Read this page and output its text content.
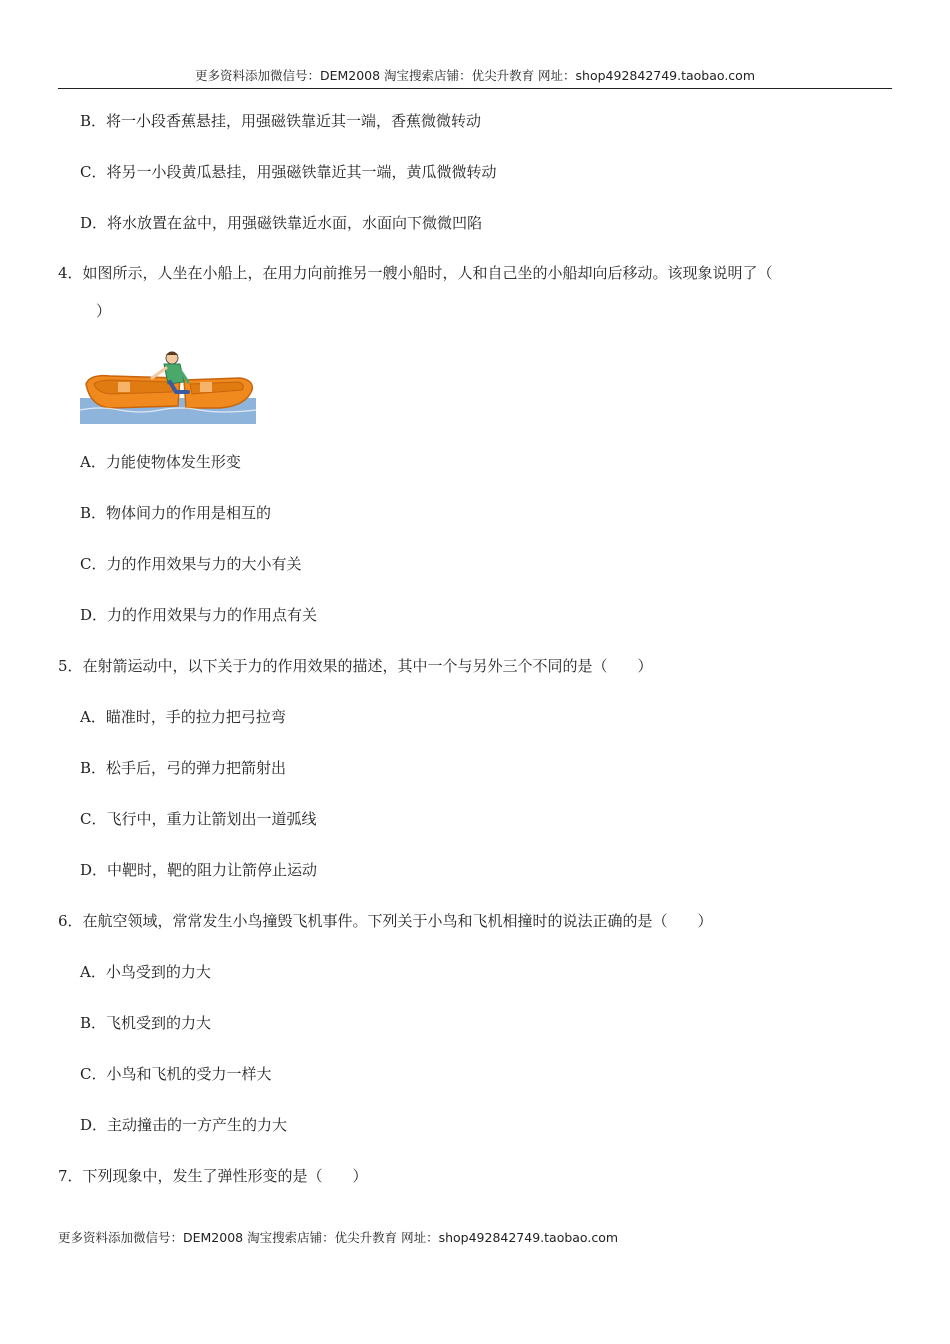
更多资料添加微信号：DEM2008 淘宝搜索店铺：优尖升教育 网址：shop492842749.taobao.com
B．将一小段香蕉悬挂，用强磁铁靠近其一端，香蕉微微转动
C．将另一小段黄瓜悬挂，用强磁铁靠近其一端，黄瓜微微转动
D．将水放置在盆中，用强磁铁靠近水面，水面向下微微凹陷
4．如图所示，人坐在小船上，在用力向前推另一艘小船时，人和自己坐的小船却向后移动。该现象说明了（
）
A．力能使物体发生形变
B．物体间力的作用是相互的
C．力的作用效果与力的大小有关
D．力的作用效果与力的作用点有关
5．在射箭运动中，以下关于力的作用效果的描述，其中一个与另外三个不同的是（　　）
A．瞄准时，手的拉力把弓拉弯
B．松手后，弓的弹力把箭射出
C．飞行中，重力让箭划出一道弧线
D．中靶时，靶的阻力让箭停止运动
6．在航空领域，常常发生小鸟撞毁飞机事件。下列关于小鸟和飞机相撞时的说法正确的是（　　）
A．小鸟受到的力大
B．飞机受到的力大
C．小鸟和飞机的受力一样大
D．主动撞击的一方产生的力大
7．下列现象中，发生了弹性形变的是（　　）
更多资料添加微信号：DEM2008 淘宝搜索店铺：优尖升教育 网址：shop492842749.taobao.com
